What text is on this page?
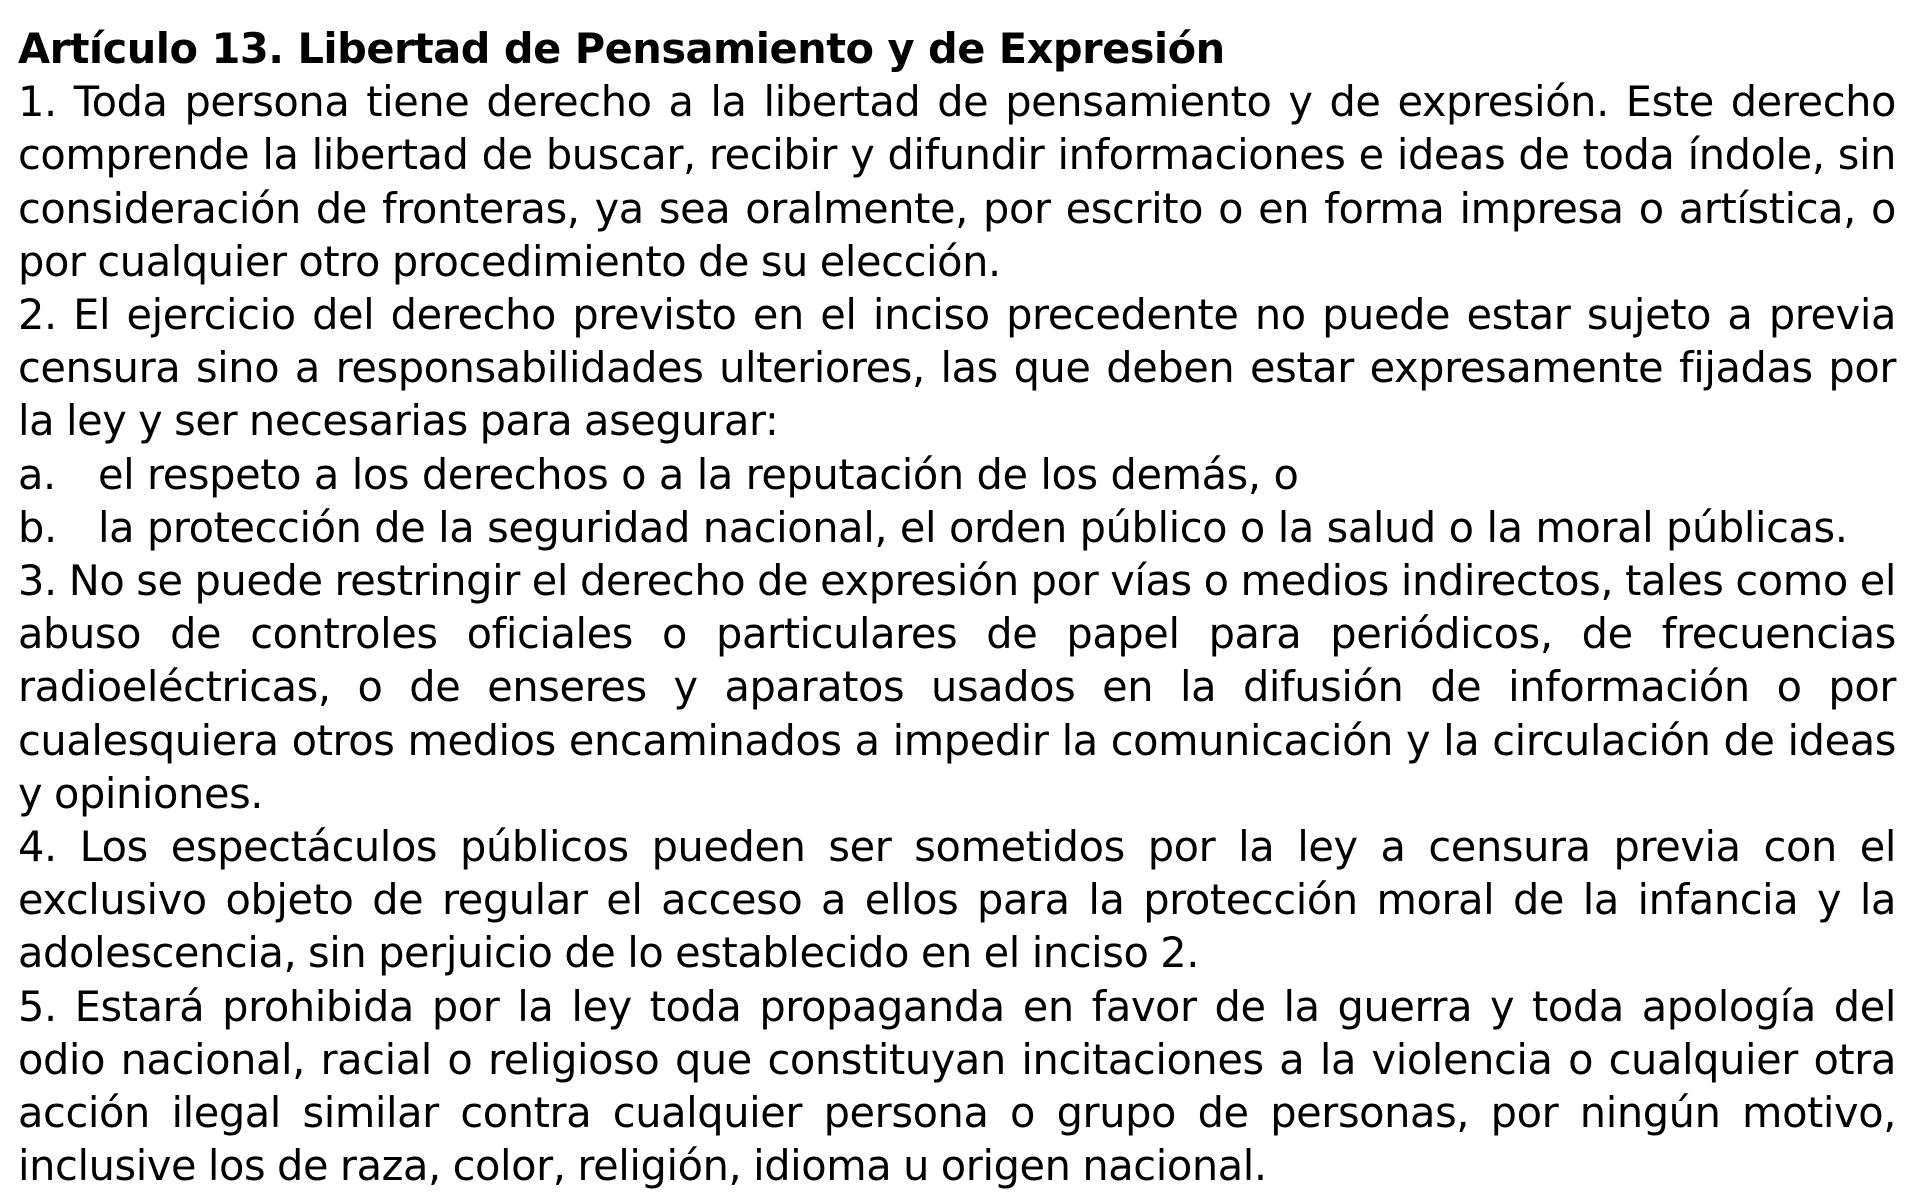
Artículo 13. Libertad de Pensamiento y de Expresión

1. Toda persona tiene derecho a la libertad de pensamiento y de expresión. Este derecho comprende la libertad de buscar, recibir y difundir informaciones e ideas de toda índole, sin consideración de fronteras, ya sea oralmente, por escrito o en forma impresa o artística, o por cualquier otro procedimiento de su elección.

2. El ejercicio del derecho previsto en el inciso precedente no puede estar sujeto a previa censura sino a responsabilidades ulteriores, las que deben estar expresamente fijadas por la ley y ser necesarias para asegurar:

a.	el respeto a los derechos o a la reputación de los demás, o
b. la protección de la seguridad nacional, el orden público o la salud o la moral públicas.

3. No se puede restringir el derecho de expresión por vías o medios indirectos, tales como el abuso de controles oficiales o particulares de papel para periódicos, de frecuencias radioeléctricas, o de enseres y aparatos usados en la difusión de información o por cualesquiera otros medios encaminados a impedir la comunicación y la circulación de ideas y opiniones.

4. Los espectáculos públicos pueden ser sometidos por la ley a censura previa con el exclusivo objeto de regular el acceso a ellos para la protección moral de la infancia y la adolescencia, sin perjuicio de lo establecido en el inciso 2.

5. Estará prohibida por la ley toda propaganda en favor de la guerra y toda apología del odio nacional, racial o religioso que constituyan incitaciones a la violencia o cualquier otra acción ilegal similar contra cualquier persona o grupo de personas, por ningún motivo, inclusive los de raza, color, religión, idioma u origen nacional.
